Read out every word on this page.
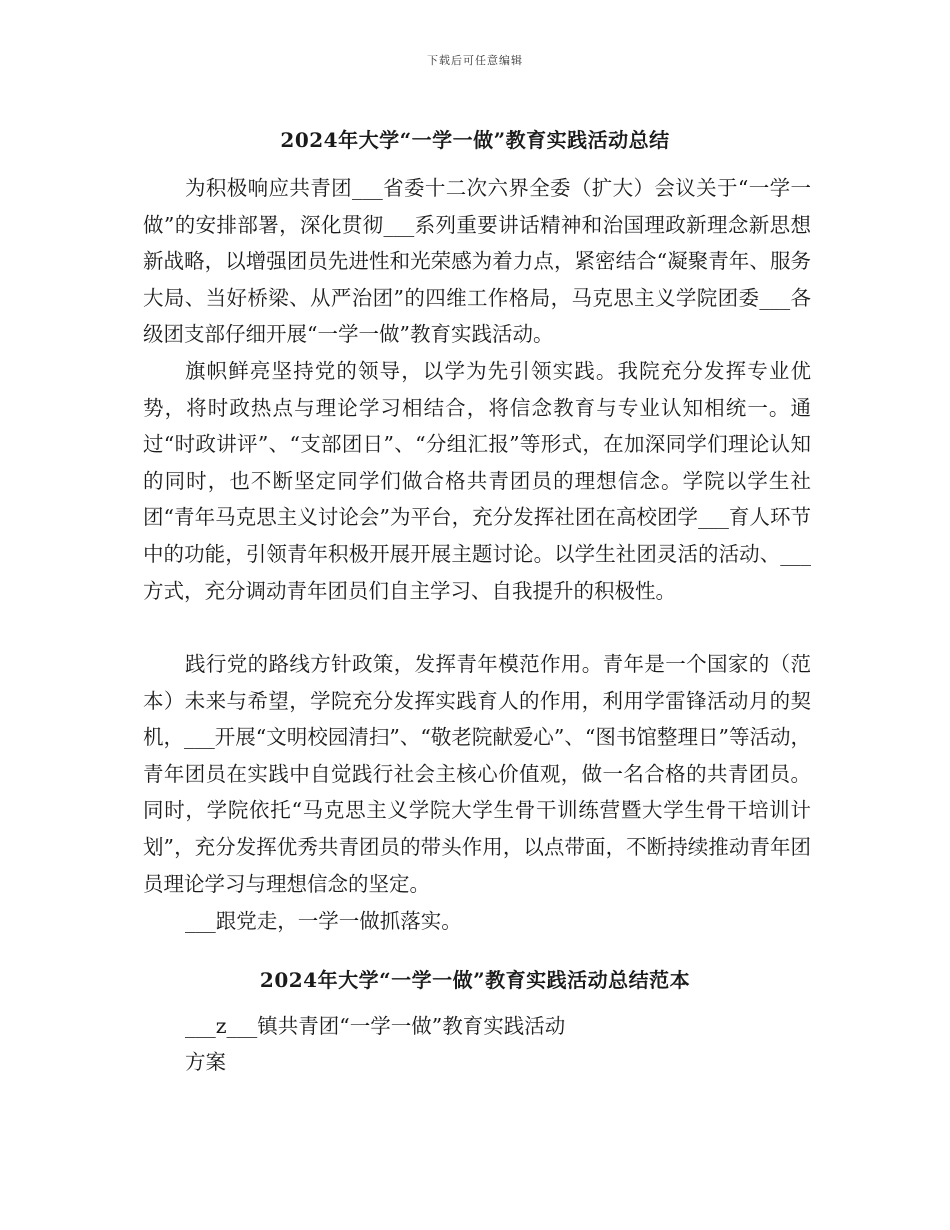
下载后可任意编辑
2024年大学“一学一做”教育实践活动总结

为积极响应共青团___省委十二次六界全委（扩大）会议关于“一学一做”的安排部署，深化贯彻___系列重要讲话精神和治国理政新理念新思想新战略，以增强团员先进性和光荣感为着力点，紧密结合“凝聚青年、服务大局、当好桥梁、从严治团”的四维工作格局，马克思主义学院团委___各级团支部仔细开展“一学一做”教育实践活动。

旗帜鲜亮坚持党的领导，以学为先引领实践。我院充分发挥专业优势，将时政热点与理论学习相结合，将信念教育与专业认知相统一。通过“时政讲评”、“支部团日”、“分组汇报”等形式，在加深同学们理论认知的同时，也不断坚定同学们做合格共青团员的理想信念。学院以学生社团“青年马克思主义讨论会”为平台，充分发挥社团在高校团学___育人环节中的功能，引领青年积极开展开展主题讨论。以学生社团灵活的活动、___方式，充分调动青年团员们自主学习、自我提升的积极性。

践行党的路线方针政策，发挥青年模范作用。青年是一个国家的（范本）未来与希望，学院充分发挥实践育人的作用，利用学雷锋活动月的契机，___开展“文明校园清扫”、“敬老院献爱心”、“图书馆整理日”等活动，青年团员在实践中自觉践行社会主核心价值观，做一名合格的共青团员。同时，学院依托“马克思主义学院大学生骨干训练营暨大学生骨干培训计划”，充分发挥优秀共青团员的带头作用，以点带面，不断持续推动青年团员理论学习与理想信念的坚定。

___跟党走，一学一做抓落实。

2024年大学“一学一做”教育实践活动总结范本

___z___镇共青团“一学一做”教育实践活动

方案
